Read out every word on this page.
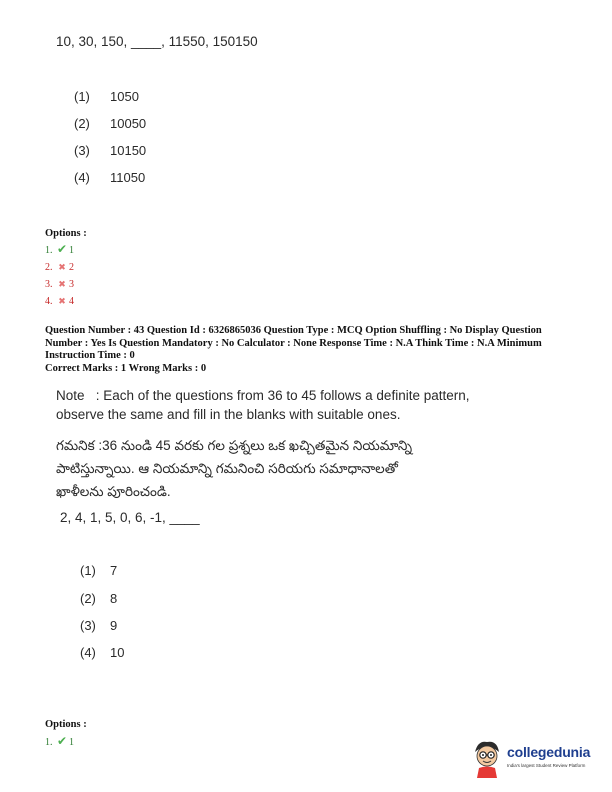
10, 30, 150, ____, 11550, 150150
(1) 1050
(2) 10050
(3) 10150
(4) 11050
Options :
1. ✔ 1
2. ✖ 2
3. ✖ 3
4. ✖ 4
Question Number : 43 Question Id : 6326865036 Question Type : MCQ Option Shuffling : No Display Question
Number : Yes Is Question Mandatory : No Calculator : None Response Time : N.A Think Time : N.A Minimum
Instruction Time : 0
Correct Marks : 1 Wrong Marks : 0
Note   : Each of the questions from 36 to 45 follows a definite pattern,
observe the same and fill in the blanks with suitable ones.
గమనిక :36 నుండి 45 వరకు గల ప్రశ్నలు ఒక ఖచ్చితమైన నియమాన్ని
పాటిస్తున్నాయి. ఆ నియమాన్ని గమనించి సరియగు సమాధానాలతో
ఖాళీలను పూరించండి.
2, 4, 1, 5, 0, 6, -1, ____
(1) 7
(2) 8
(3) 9
(4) 10
Options :
1. ✔ 1
collegedunia
India's largest Student Review Platform
